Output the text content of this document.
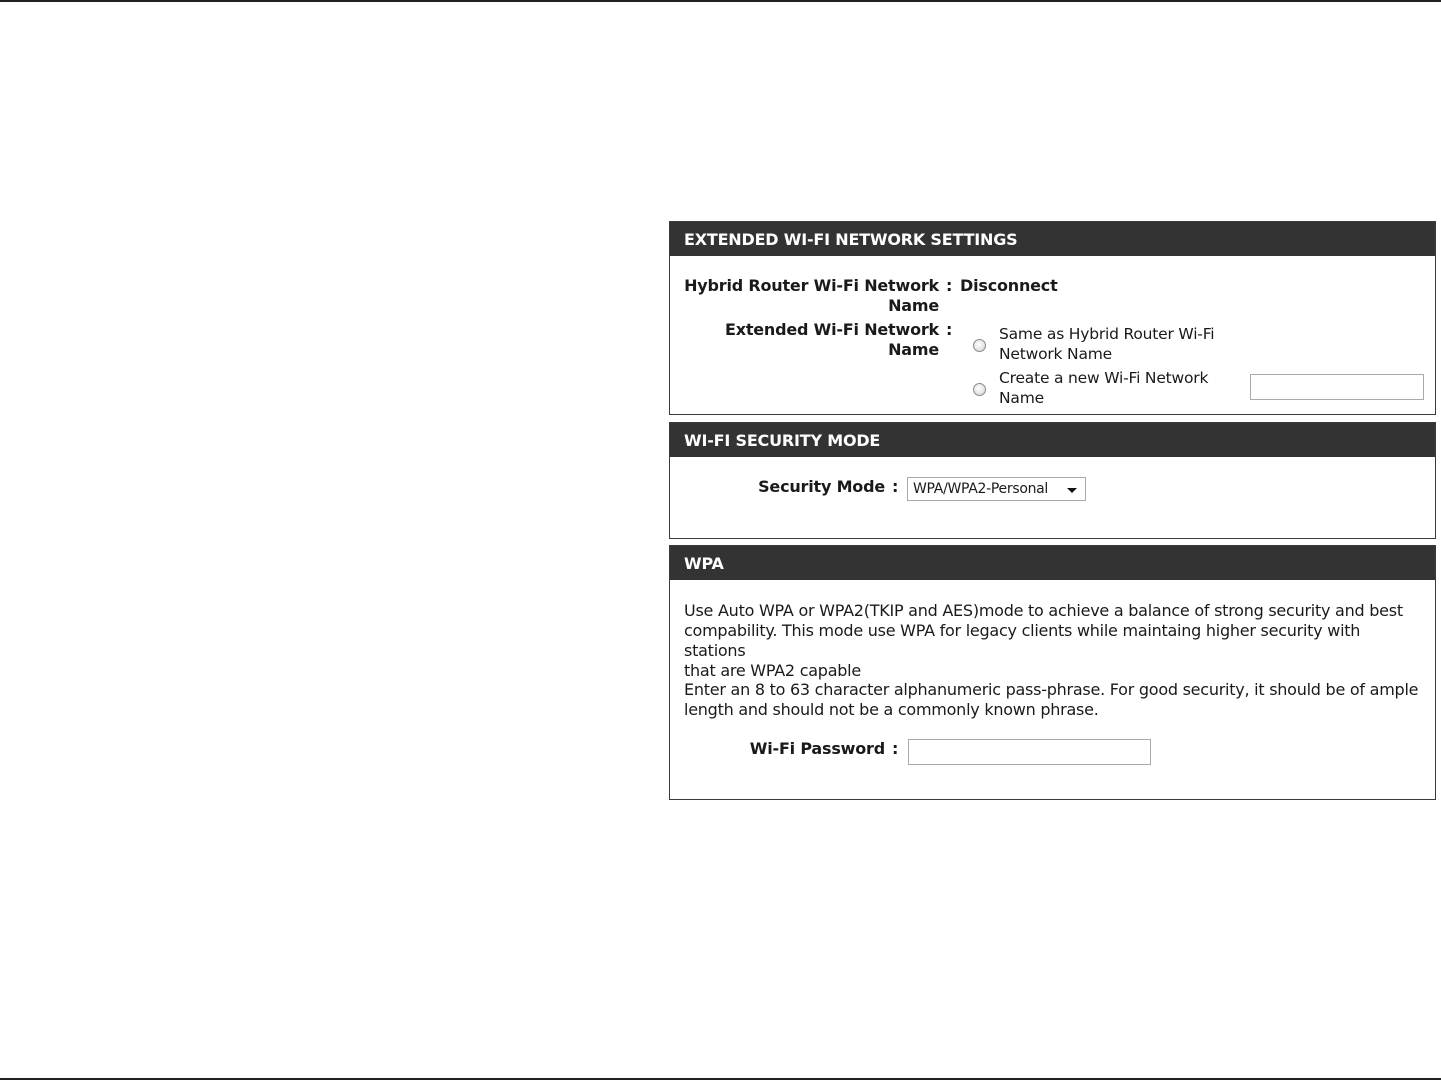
EXTENDED WI-FI NETWORK SETTINGS
Hybrid Router Wi-Fi Network
Name
: Disconnect
Extended Wi-Fi Network Name
:	Same as Hybrid Router Wi-Fi
Network Name
Create a new Wi-Fi Network
Name
WI-FI SECURITY MODE
Security Mode :	WPA/WPA2-Personal
WPA
Use Auto WPA or WPA2(TKIP and AES)mode to achieve a balance of strong security and best
compability. This mode use WPA for legacy clients while maintaing higher security with stations
that are WPA2 capable
Enter an 8 to 63 character alphanumeric pass-phrase. For good security, it should be of ample
length and should not be a commonly known phrase.
Wi-Fi Password :
